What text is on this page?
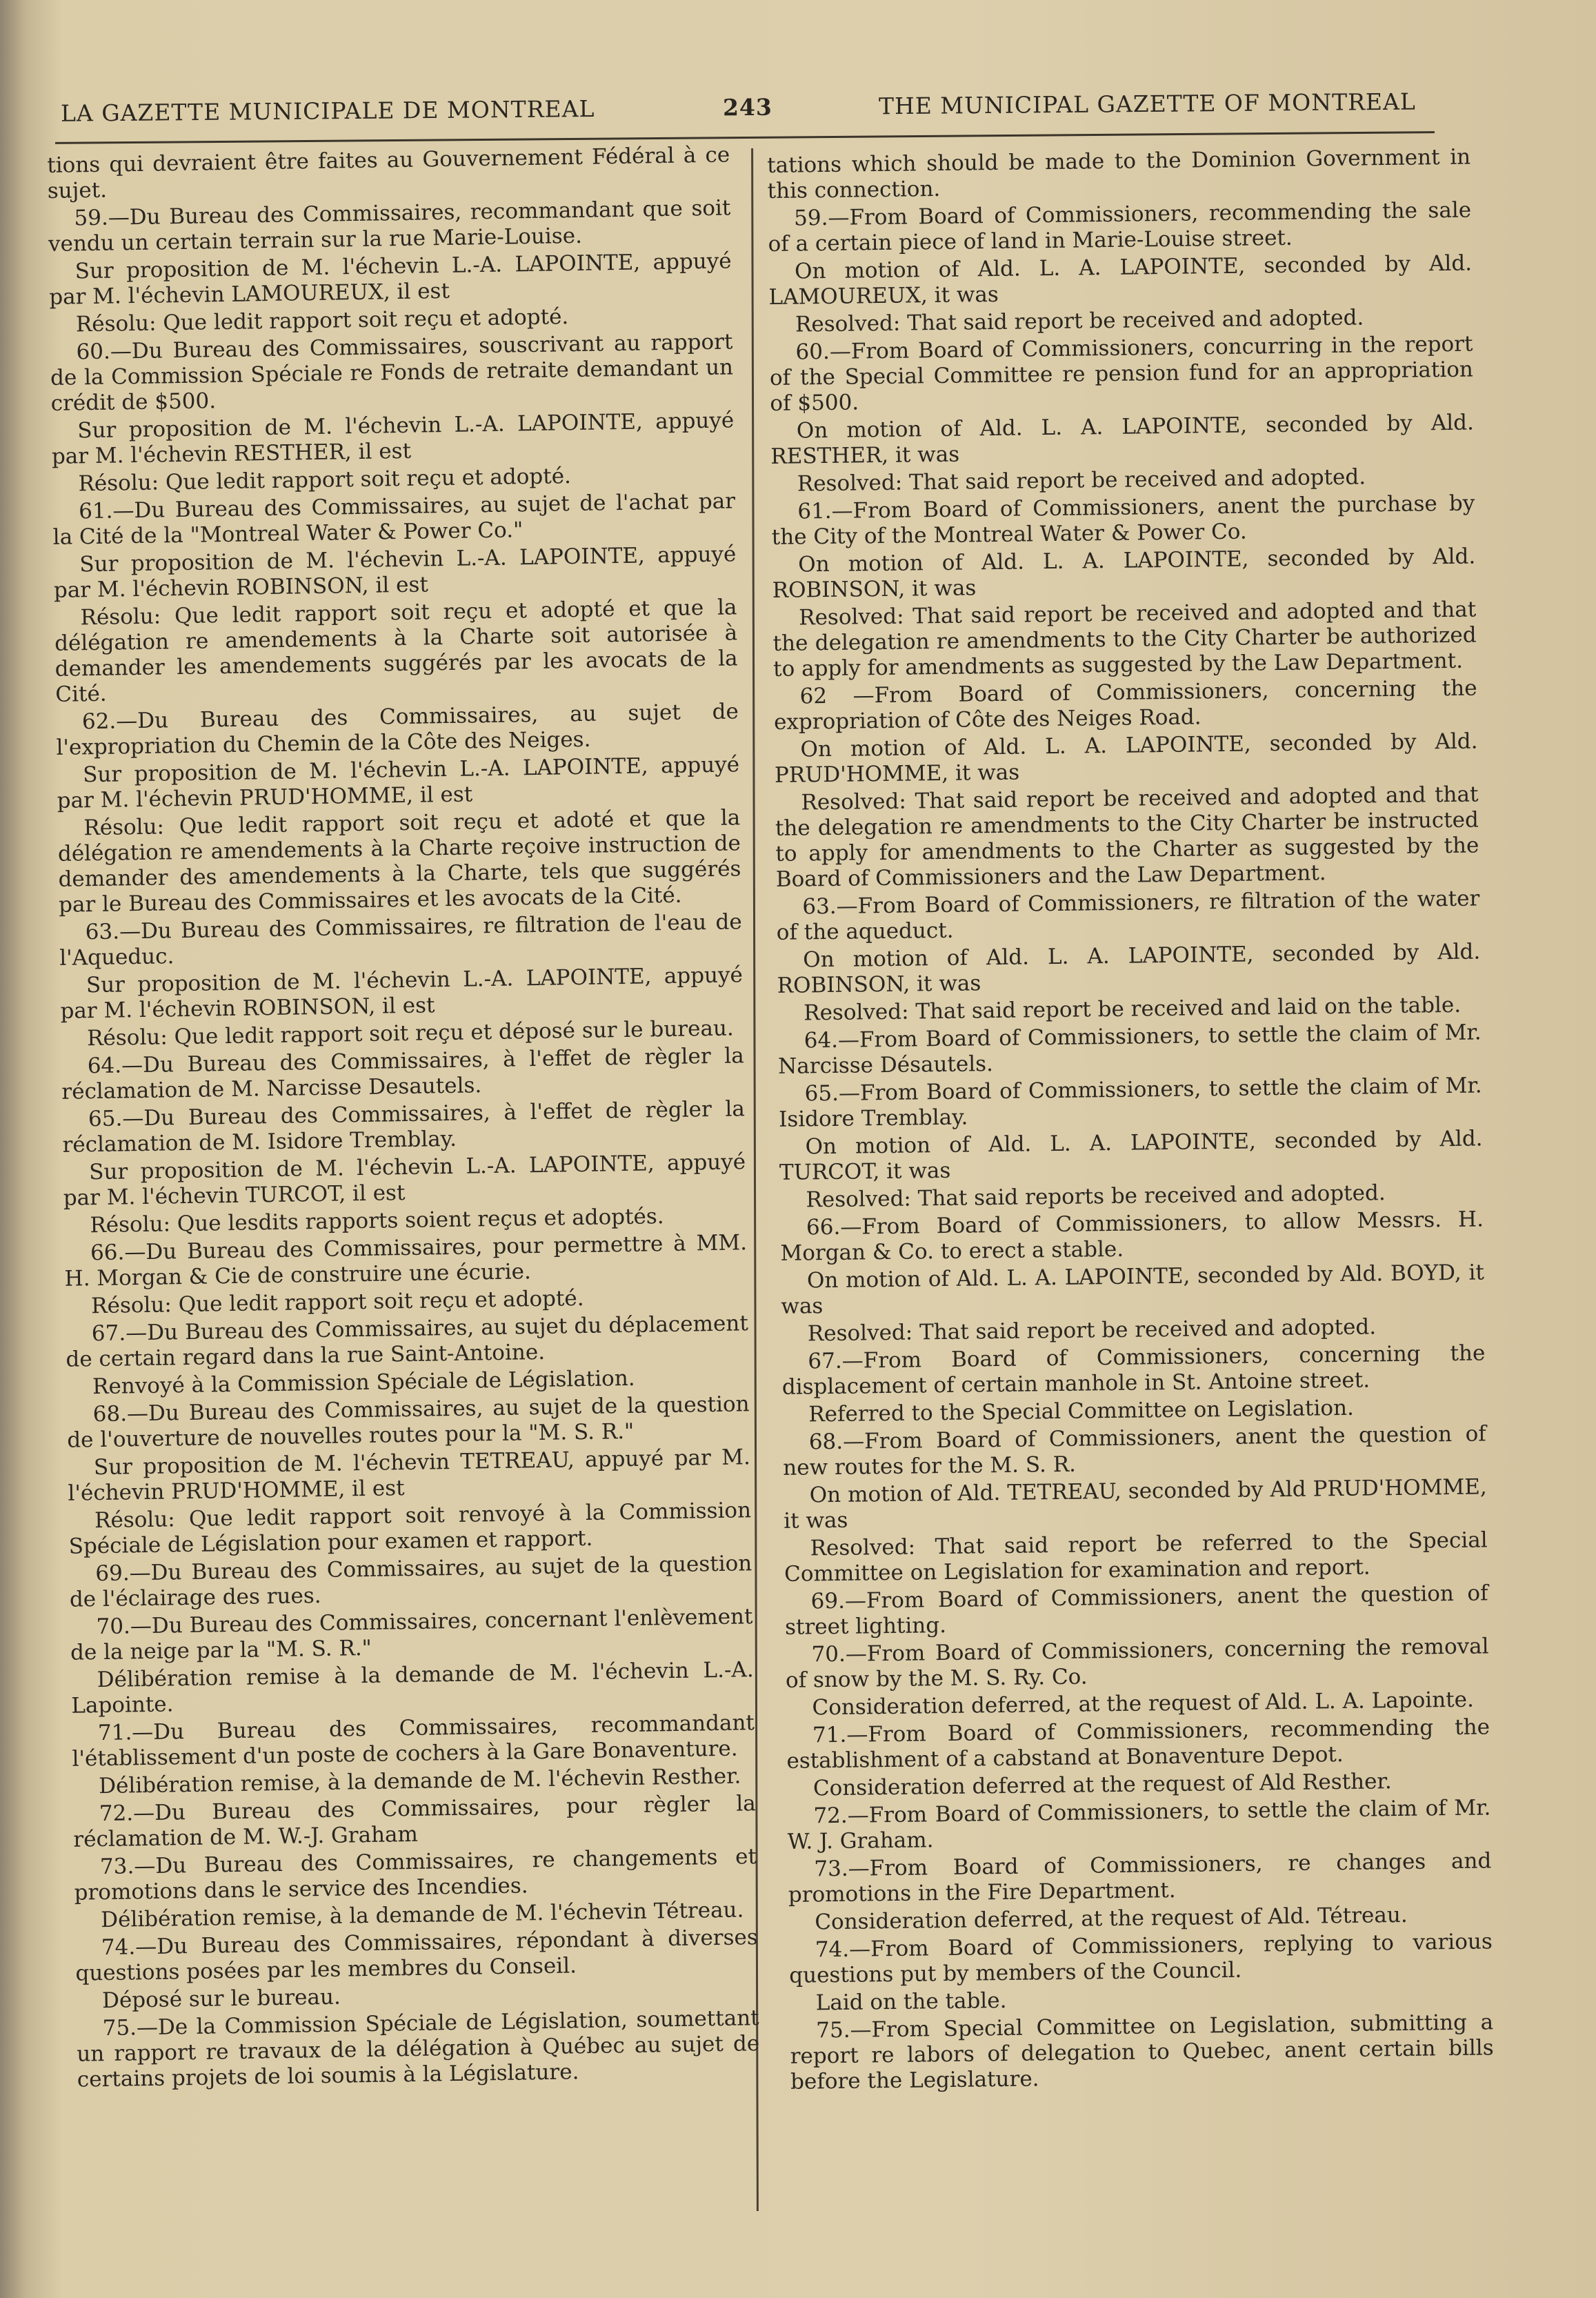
LA GAZETTE MUNICIPALE DE MONTREAL	243	THE MUNICIPAL GAZETTE OF MONTREAL

tions qui devraient être faites au Gouvernement Fédéral à ce sujet.

59.—Du Bureau des Commissaires, recommandant que soit vendu un certain terrain sur la rue Marie-Louise.

Sur proposition de M. l'échevin L.-A. LAPOINTE, appuyé par M. l'échevin LAMOUREUX, il est

Résolu: Que ledit rapport soit reçu et adopté.

60.—Du Bureau des Commissaires, souscrivant au rapport de la Commission Spéciale re Fonds de retraite demandant un crédit de $500.

Sur proposition de M. l'échevin L.-A. LAPOINTE, appuyé par M. l'échevin RESTHER, il est

Résolu: Que ledit rapport soit reçu et adopté.

61.—Du Bureau des Commissaires, au sujet de l'achat par la Cité de la "Montreal Water & Power Co."

Sur proposition de M. l'échevin L.-A. LAPOINTE, appuyé par M. l'échevin ROBINSON, il est

Résolu: Que ledit rapport soit reçu et adopté et que la délégation re amendements à la Charte soit autorisée à demander les amendements suggérés par les avocats de la Cité.

62.—Du Bureau des Commissaires, au sujet de l'expropriation du Chemin de la Côte des Neiges.

Sur proposition de M. l'échevin L.-A. LAPOINTE, appuyé par M. l'échevin PRUD'HOMME, il est

Résolu: Que ledit rapport soit reçu et adoté et que la délégation re amendements à la Charte reçoive instruction de demander des amendements à la Charte, tels que suggérés par le Bureau des Commissaires et les avocats de la Cité.

63.—Du Bureau des Commissaires, re filtration de l'eau de l'Aqueduc.

Sur proposition de M. l'échevin L.-A. LAPOINTE, appuyé par M. l'échevin ROBINSON, il est

Résolu: Que ledit rapport soit reçu et déposé sur le bureau.

64.—Du Bureau des Commissaires, à l'effet de règler la réclamation de M. Narcisse Desautels.

65.—Du Bureau des Commissaires, à l'effet de règler la réclamation de M. Isidore Tremblay.

Sur proposition de M. l'échevin L.-A. LAPOINTE, appuyé par M. l'échevin TURCOT, il est

Résolu: Que lesdits rapports soient reçus et adoptés.

66.—Du Bureau des Commissaires, pour permettre à MM. H. Morgan & Cie de construire une écurie.

Résolu: Que ledit rapport soit reçu et adopté.

67.—Du Bureau des Commissaires, au sujet du déplacement de certain regard dans la rue Saint-Antoine.

Renvoyé à la Commission Spéciale de Législation.

68.—Du Bureau des Commissaires, au sujet de la question de l'ouverture de nouvelles routes pour la "M. S. R."

Sur proposition de M. l'échevin TETREAU, appuyé par M. l'échevin PRUD'HOMME, il est

Résolu: Que ledit rapport soit renvoyé à la Commission Spéciale de Législation pour examen et rapport.

69.—Du Bureau des Commissaires, au sujet de la question de l'éclairage des rues.

70.—Du Bureau des Commissaires, concernant l'enlèvement de la neige par la "M. S. R."

Délibération remise à la demande de M. l'échevin L.-A. Lapointe.

71.—Du Bureau des Commissaires, recommandant l'établissement d'un poste de cochers à la Gare Bonaventure.

Délibération remise, à la demande de M. l'échevin Resther.

72.—Du Bureau des Commissaires, pour règler la réclamation de M. W.-J. Graham

73.—Du Bureau des Commissaires, re changements et promotions dans le service des Incendies.

Délibération remise, à la demande de M. l'échevin Tétreau.

74.—Du Bureau des Commissaires, répondant à diverses questions posées par les membres du Conseil.

Déposé sur le bureau.

75.—De la Commission Spéciale de Législation, soumettant un rapport re travaux de la délégation à Québec au sujet de certains projets de loi soumis à la Législature.

tations which should be made to the Dominion Government in this connection.

59.—From Board of Commissioners, recommending the sale of a certain piece of land in Marie-Louise street.

On motion of Ald. L. A. LAPOINTE, seconded by Ald. LAMOUREUX, it was

Resolved: That said report be received and adopted.

60.—From Board of Commissioners, concurring in the report of the Special Committee re pension fund for an appropriation of $500.

On motion of Ald. L. A. LAPOINTE, seconded by Ald. RESTHER, it was

Resolved: That said report be received and adopted.

61.—From Board of Commissioners, anent the purchase by the City of the Montreal Water & Power Co.

On motion of Ald. L. A. LAPOINTE, seconded by Ald. ROBINSON, it was

Resolved: That said report be received and adopted and that the delegation re amendments to the City Charter be authorized to apply for amendments as suggested by the Law Department.

62 —From Board of Commissioners, concerning the expropriation of Côte des Neiges Road.

On motion of Ald. L. A. LAPOINTE, seconded by Ald. PRUD'HOMME, it was

Resolved: That said report be received and adopted and that the delegation re amendments to the City Charter be instructed to apply for amendments to the Charter as suggested by the Board of Commissioners and the Law Department.

63.—From Board of Commissioners, re filtration of the water of the aqueduct.

On motion of Ald. L. A. LAPOINTE, seconded by Ald. ROBINSON, it was

Resolved: That said report be received and laid on the table.

64.—From Board of Commissioners, to settle the claim of Mr. Narcisse Désautels.

65.—From Board of Commissioners, to settle the claim of Mr. Isidore Tremblay.

On motion of Ald. L. A. LAPOINTE, seconded by Ald. TURCOT, it was

Resolved: That said reports be received and adopted.

66.—From Board of Commissioners, to allow Messrs. H. Morgan & Co. to erect a stable.

On motion of Ald. L. A. LAPOINTE, seconded by Ald. BOYD, it was

Resolved: That said report be received and adopted.

67.—From Board of Commissioners, concerning the displacement of certain manhole in St. Antoine street.

Referred to the Special Committee on Legislation.

68.—From Board of Commissioners, anent the question of new routes for the M. S. R.

On motion of Ald. TETREAU, seconded by Ald PRUD'HOMME, it was

Resolved: That said report be referred to the Special Committee on Legislation for examination and report.

69.—From Board of Commissioners, anent the question of street lighting.

70.—From Board of Commissioners, concerning the removal of snow by the M. S. Ry. Co.

Consideration deferred, at the request of Ald. L. A. Lapointe.

71.—From Board of Commissioners, recommending the establishment of a cabstand at Bonaventure Depot.

Consideration deferred at the request of Ald Resther.

72.—From Board of Commissioners, to settle the claim of Mr. W. J. Graham.

73.—From Board of Commissioners, re changes and promotions in the Fire Department.

Consideration deferred, at the request of Ald. Tétreau.

74.—From Board of Commissioners, replying to various questions put by members of the Council.

Laid on the table.

75.—From Special Committee on Legislation, submitting a report re labors of delegation to Quebec, anent certain bills before the Legislature.
